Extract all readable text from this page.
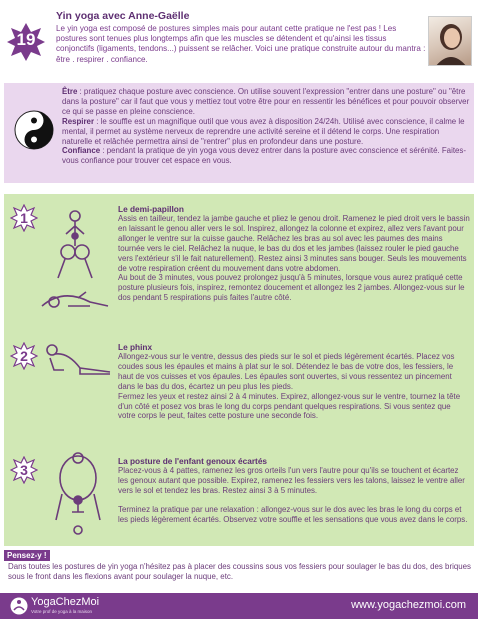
19
Yin yoga avec Anne-Gaëlle
Le yin yoga est composé de postures simples mais pour autant cette pratique ne l'est pas ! Les postures sont tenues plus longtemps afin que les muscles se détendent et qu'ainsi les tissus conjonctifs (ligaments, tendons...) puissent se relâcher. Voici une pratique construite autour du mantra : être . respirer . confiance.
Être : pratiquez chaque posture avec conscience. On utilise souvent l'expression "entrer dans une posture" ou "être dans la posture" car il faut que vous y mettiez tout votre être pour en ressentir les bénéfices et pour pouvoir observer ce qui se passe en pleine conscience.
Respirer : le souffle est un magnifique outil que vous avez à disposition 24/24h. Utilisé avec conscience, il calme le mental, il permet au système nerveux de reprendre une activité sereine et il détend le corps. Une respiration naturelle et relâchée permettra ainsi de "rentrer" plus en profondeur dans une posture.
Confiance : pendant la pratique de yin yoga vous devez entrer dans la posture avec conscience et sérénité. Faites-vous confiance pour trouver cet espace en vous.
1
Le demi-papillon

Assis en tailleur, tendez la jambe gauche et pliez le genou droit. Ramenez le pied droit vers le bassin en laissant le genou aller vers le sol. Inspirez, allongez la colonne et expirez, allez vers l'avant pour allonger le ventre sur la cuisse gauche. Relâchez les bras au sol avec les paumes des mains tournée vers le ciel. Relâchez la nuque, le bas du dos et les jambes (laissez rouler le pied gauche vers l'extérieur s'il le fait naturellement). Restez ainsi 3 minutes sans bouger. Seuls les mouvements de votre respiration créent du mouvement dans votre abdomen.

Au bout de 3 minutes, vous pouvez prolongez jusqu'à 5 minutes, lorsque vous aurez pratiqué cette posture plusieurs fois, inspirez, remontez doucement et allongez les 2 jambes. Allongez-vous sur le dos pendant 5 respirations puis faites l'autre côté.

2
Le phinx

Allongez-vous sur le ventre, dessus des pieds sur le sol et pieds légèrement écartés. Placez vos coudes sous les épaules et mains à plat sur le sol. Détendez le bas de votre dos, les fessiers, le haut de vos cuisses et vos épaules. Les épaules sont ouvertes, si vous ressentez un pincement dans le bas du dos, écartez un peu plus les pieds.

Fermez les yeux et restez ainsi 2 à 4 minutes. Expirez, allongez-vous sur le ventre, tournez la tête d'un côté et posez vos bras le long du corps pendant quelques respirations. Si vous sentez que votre corps le peut, faites cette posture une seconde fois.

3
La posture de l'enfant genoux écartés

Placez-vous à 4 pattes, ramenez les gros orteils l'un vers l'autre pour qu'ils se touchent et écartez les genoux autant que possible. Expirez, ramenez les fessiers vers les talons, laissez le ventre aller vers le sol et tendez les bras. Restez ainsi 3 à 5 minutes.

Terminez la pratique par une relaxation : allongez-vous sur le dos avec les bras le long du corps et les pieds légèrement écartés. Observez votre souffle et les sensations que vous avez dans le corps.

Pensez-y !
Dans toutes les postures de yin yoga n'hésitez pas à placer des coussins sous vos fessiers pour soulager le bas du dos, des briques sous le front dans les flexions avant pour soulager la nuque, etc.
YogaChezMoi
Votre prof de yoga à la maison
www.yogachezmoi.com
